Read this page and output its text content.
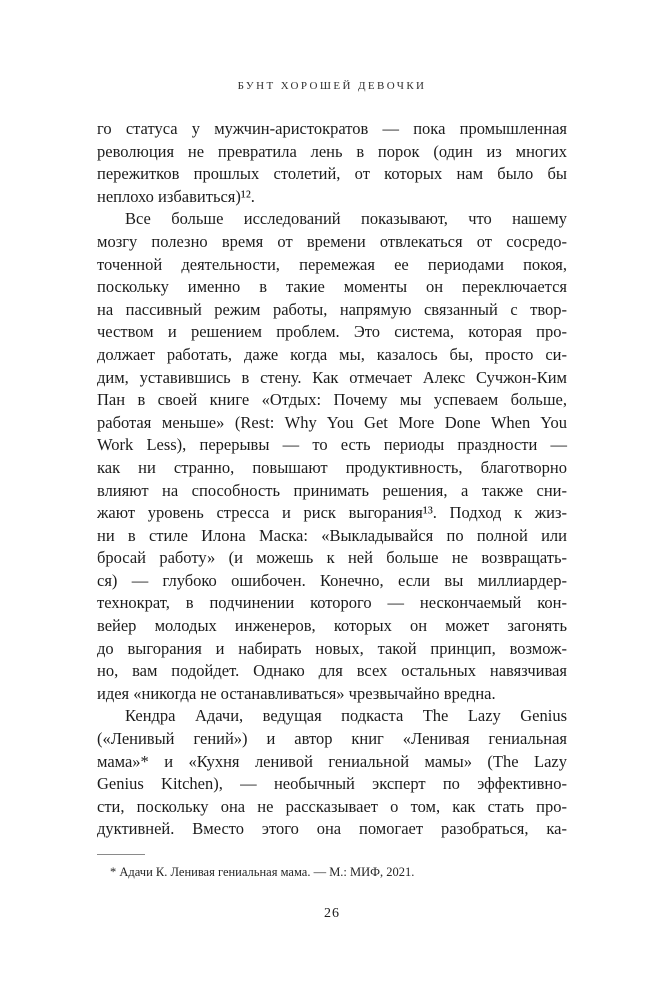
БУНТ ХОРОШЕЙ ДЕВОЧКИ
го статуса у мужчин-аристократов — пока промышленная
революция не превратила лень в порок (один из многих
пережитков прошлых столетий, от которых нам было бы
неплохо избавиться)¹².
Все больше исследований показывают, что нашему
мозгу полезно время от времени отвлекаться от сосредо-
точенной деятельности, перемежая ее периодами покоя,
поскольку именно в такие моменты он переключается
на пассивный режим работы, напрямую связанный с твор-
чеством и решением проблем. Это система, которая про-
должает работать, даже когда мы, казалось бы, просто си-
дим, уставившись в стену. Как отмечает Алекс Сучжон-Ким
Пан в своей книге «Отдых: Почему мы успеваем больше,
работая меньше» (Rest: Why You Get More Done When You
Work Less), перерывы — то есть периоды праздности —
как ни странно, повышают продуктивность, благотворно
влияют на способность принимать решения, а также сни-
жают уровень стресса и риск выгорания¹³. Подход к жиз-
ни в стиле Илона Маска: «Выкладывайся по полной или
бросай работу» (и можешь к ней больше не возвращать-
ся) — глубоко ошибочен. Конечно, если вы миллиардер-
технократ, в подчинении которого — нескончаемый кон-
вейер молодых инженеров, которых он может загонять
до выгорания и набирать новых, такой принцип, возмож-
но, вам подойдет. Однако для всех остальных навязчивая
идея «никогда не останавливаться» чрезвычайно вредна.
Кендра Адачи, ведущая подкаста The Lazy Genius
(«Ленивый гений») и автор книг «Ленивая гениальная
мама»* и «Кухня ленивой гениальной мамы» (The Lazy
Genius Kitchen), — необычный эксперт по эффективно-
сти, поскольку она не рассказывает о том, как стать про-
дуктивней. Вместо этого она помогает разобраться, ка-
* Адачи К. Ленивая гениальная мама. — М.: МИФ, 2021.
26
